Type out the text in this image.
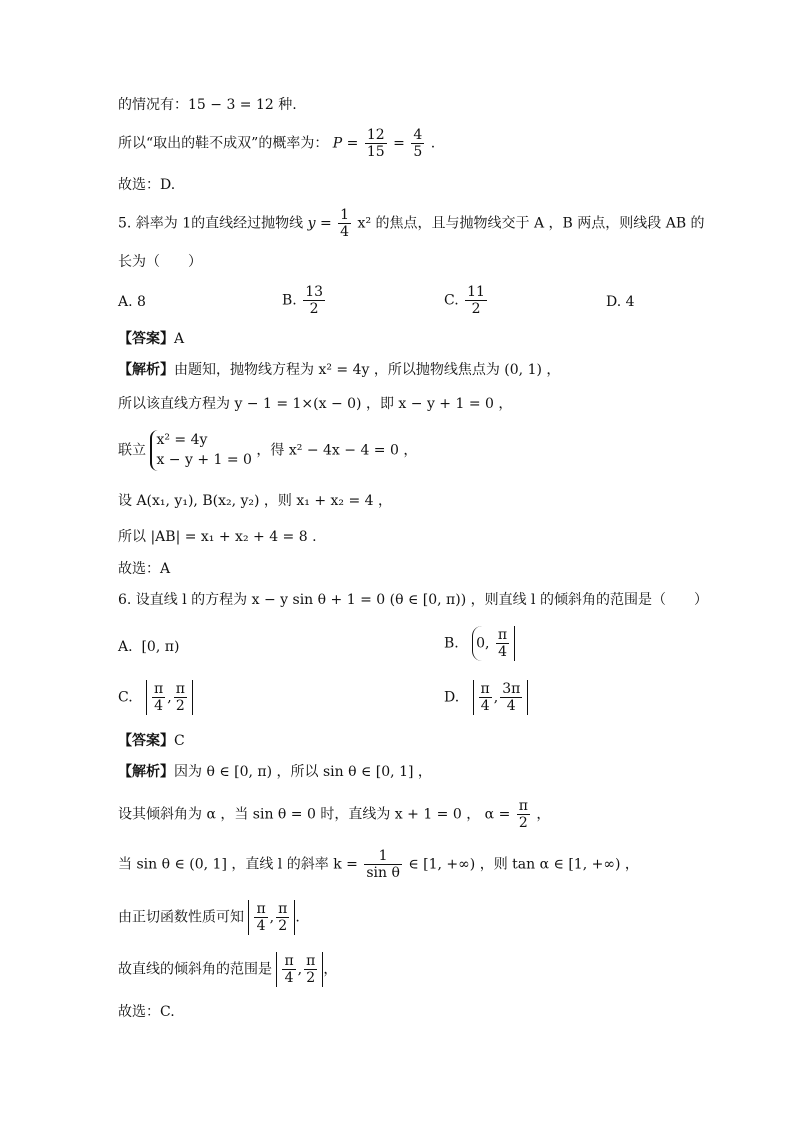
的情况有：15 − 3 = 12 种.
所以“取出的鞋不成双”的概率为： $P = \frac{12}{15} = \frac{4}{5}$ .
故选：D.
5. 斜率为 1的直线经过抛物线 $y = \frac{1}{4} x^2$ 的焦点，且与抛物线交于 A ，B 两点，则线段 AB 的
长为（　　）
A. 8	B. $\frac{13}{2}$	C. $\frac{11}{2}$	D. 4
【答案】A
【解析】由题知，抛物线方程为 x² = 4y ，所以抛物线焦点为 (0, 1) ，
所以该直线方程为 y − 1 = 1×(x − 0) ，即 x − y + 1 = 0 ，
联立
x² = 4y
x − y + 1 = 0
，得 x² − 4x − 4 = 0 ，
设 A(x₁, y₁), B(x₂, y₂) ，则 x₁ + x₂ = 4 ，
所以 |AB| = x₁ + x₂ + 4 = 8 .
故选：A
6. 设直线 l 的方程为 x − y sin θ + 1 = 0 (θ ∈ [0, π)) ，则直线 l 的倾斜角的范围是（　　）
A. [0, π)	B. 0, $\frac{\pi}{4}$
C. $\frac{\pi}{4}$ , $\frac{\pi}{2}$	D. $\frac{\pi}{4}$ , $\frac{3\pi}{4}$
【答案】C
【解析】因为 θ ∈ [0, π) ，所以 sin θ ∈ [0, 1] ，
设其倾斜角为 α ，当 sin θ = 0 时，直线为 x + 1 = 0 ， $\alpha = \frac{\pi}{2}$ ，
当 sin θ ∈ (0, 1] ，直线 l 的斜率 $k = \frac{1}{\text{sin θ}}$ ∈ [1, +∞) ，则 tan α ∈ [1, +∞) ，
由正切函数性质可知 $\frac{\pi}{4}$ , $\frac{\pi}{2}$ .
故直线的倾斜角的范围是 $\frac{\pi}{4}$ , $\frac{\pi}{2}$ ，
故选：C.
